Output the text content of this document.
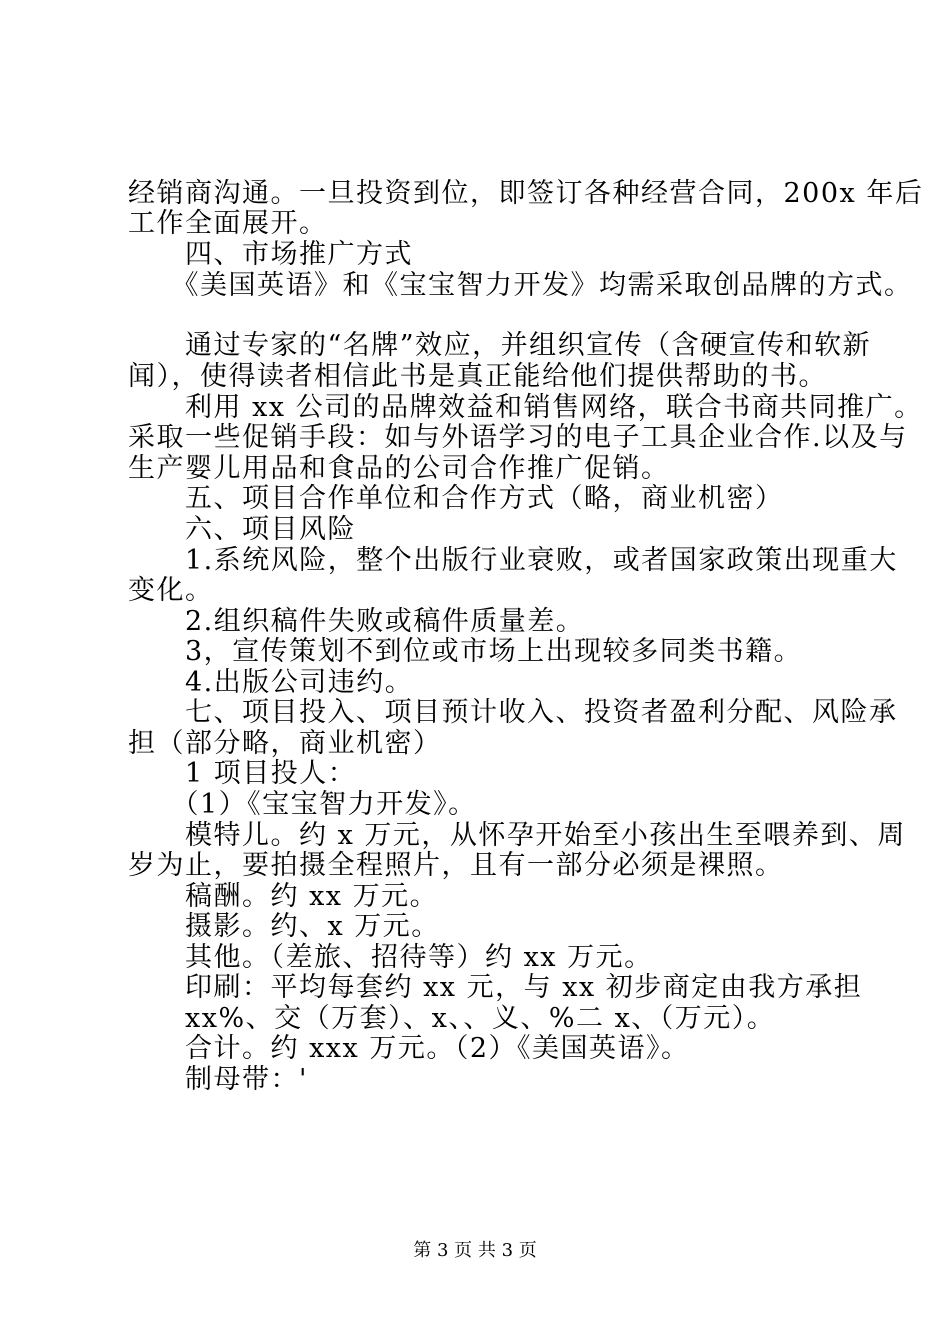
经销商沟通。一旦投资到位，即签订各种经营合同，200x 年后
工作全面展开。
　　四、市场推广方式
　　《美国英语》和《宝宝智力开发》均需采取创品牌的方式。
　　通过专家的“名牌”效应，并组织宣传（含硬宣传和软新
闻），使得读者相信此书是真正能给他们提供帮助的书。
　　利用 xx 公司的品牌效益和销售网络，联合书商共同推广。
采取一些促销手段：如与外语学习的电子工具企业合作.以及与
生产婴儿用品和食品的公司合作推广促销。
　　五、项目合作单位和合作方式（略，商业机密）
　　六、项目风险
　　1.系统风险，整个出版行业衰败，或者国家政策出现重大
变化。
　　2.组织稿件失败或稿件质量差。
　　3，宣传策划不到位或市场上出现较多同类书籍。
　　4.出版公司违约。
　　七、项目投入、项目预计收入、投资者盈利分配、风险承
担（部分略，商业机密）
　　1 项目投人：
　　（1）《宝宝智力开发》。
　　模特儿。约 x 万元，从怀孕开始至小孩出生至喂养到、周
岁为止，要拍摄全程照片，且有一部分必须是裸照。
　　稿酬。约 xx 万元。
　　摄影。约、x 万元。
　　其他。（差旅、招待等）约 xx 万元。
　　印刷：平均每套约 xx 元，与 xx 初步商定由我方承担
　　xx%、交（万套）、x、、义、%二 x、（万元）。
　　合计。约 xxx 万元。（2）《美国英语》。
　　制母带：'
第 3 页 共 3 页
